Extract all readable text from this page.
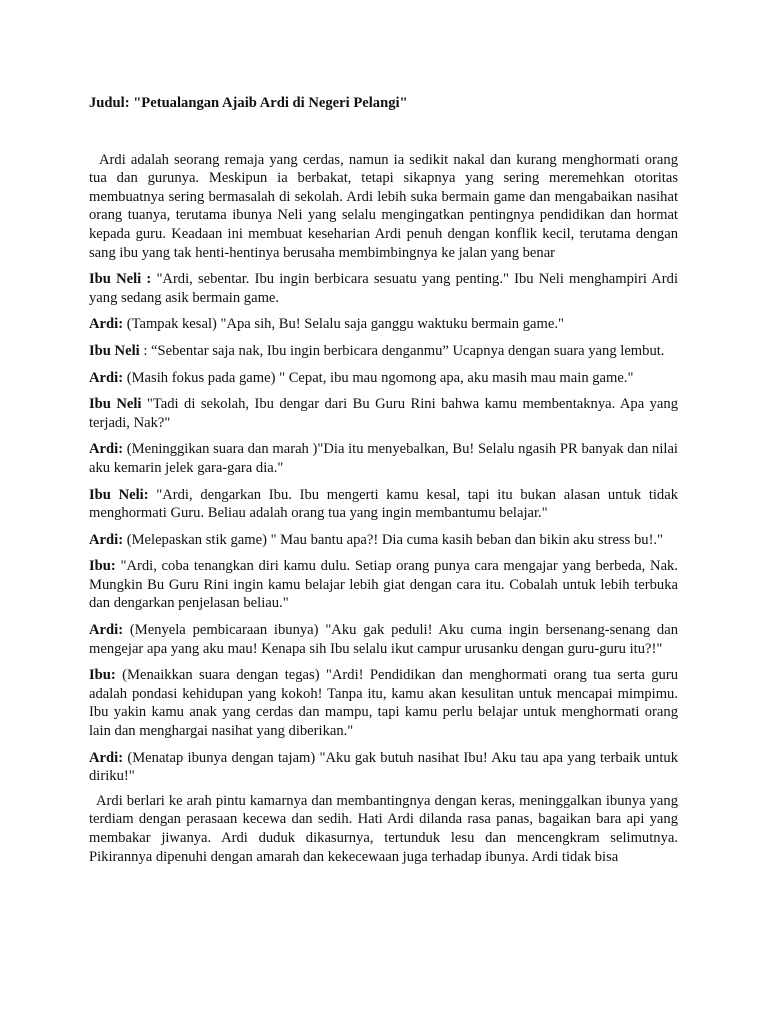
Judul: "Petualangan Ajaib Ardi di Negeri Pelangi"

Ardi adalah seorang remaja yang cerdas, namun ia sedikit nakal dan kurang menghormati orang tua dan gurunya. Meskipun ia berbakat, tetapi sikapnya yang sering meremehkan otoritas membuatnya sering bermasalah di sekolah. Ardi lebih suka bermain game dan mengabaikan nasihat orang tuanya, terutama ibunya Neli yang selalu mengingatkan pentingnya pendidikan dan hormat kepada guru. Keadaan ini membuat keseharian Ardi penuh dengan konflik kecil, terutama dengan sang ibu yang tak henti-hentinya berusaha membimbingnya ke jalan yang benar

Ibu Neli : "Ardi, sebentar. Ibu ingin berbicara sesuatu yang penting." Ibu Neli menghampiri Ardi yang sedang asik bermain game.

Ardi: (Tampak kesal) "Apa sih, Bu! Selalu saja ganggu waktuku bermain game."

Ibu Neli : “Sebentar saja nak, Ibu ingin berbicara denganmu” Ucapnya dengan suara yang lembut.

Ardi: (Masih fokus pada game) " Cepat, ibu mau ngomong apa, aku masih mau main game."

Ibu Neli "Tadi di sekolah, Ibu dengar dari Bu Guru Rini bahwa kamu membentaknya. Apa yang terjadi, Nak?"

Ardi: (Meninggikan suara dan marah )"Dia itu menyebalkan, Bu! Selalu ngasih PR banyak dan nilai aku kemarin jelek gara-gara dia."

Ibu Neli: "Ardi, dengarkan Ibu. Ibu mengerti kamu kesal, tapi itu bukan alasan untuk tidak menghormati Guru. Beliau adalah orang tua yang ingin membantumu belajar."

Ardi: (Melepaskan stik game) " Mau bantu apa?! Dia cuma kasih beban dan bikin aku stress bu!."

Ibu: "Ardi, coba tenangkan diri kamu dulu. Setiap orang punya cara mengajar yang berbeda, Nak. Mungkin Bu Guru Rini ingin kamu belajar lebih giat dengan cara itu. Cobalah untuk lebih terbuka dan dengarkan penjelasan beliau."

Ardi: (Menyela pembicaraan ibunya) "Aku gak peduli! Aku cuma ingin bersenang-senang dan mengejar apa yang aku mau! Kenapa sih Ibu selalu ikut campur urusanku dengan guru-guru itu?!"

Ibu: (Menaikkan suara dengan tegas) "Ardi! Pendidikan dan menghormati orang tua serta guru adalah pondasi kehidupan yang kokoh! Tanpa itu, kamu akan kesulitan untuk mencapai mimpimu. Ibu yakin kamu anak yang cerdas dan mampu, tapi kamu perlu belajar untuk menghormati orang lain dan menghargai nasihat yang diberikan."

Ardi: (Menatap ibunya dengan tajam) "Aku gak butuh nasihat Ibu! Aku tau apa yang terbaik untuk diriku!"

Ardi berlari ke arah pintu kamarnya dan membantingnya dengan keras, meninggalkan ibunya yang terdiam dengan perasaan kecewa dan sedih. Hati Ardi dilanda rasa panas, bagaikan bara api yang membakar jiwanya. Ardi duduk dikasurnya, tertunduk lesu dan mencengkram selimutnya. Pikirannya dipenuhi dengan amarah dan kekecewaan juga terhadap ibunya. Ardi tidak bisa
